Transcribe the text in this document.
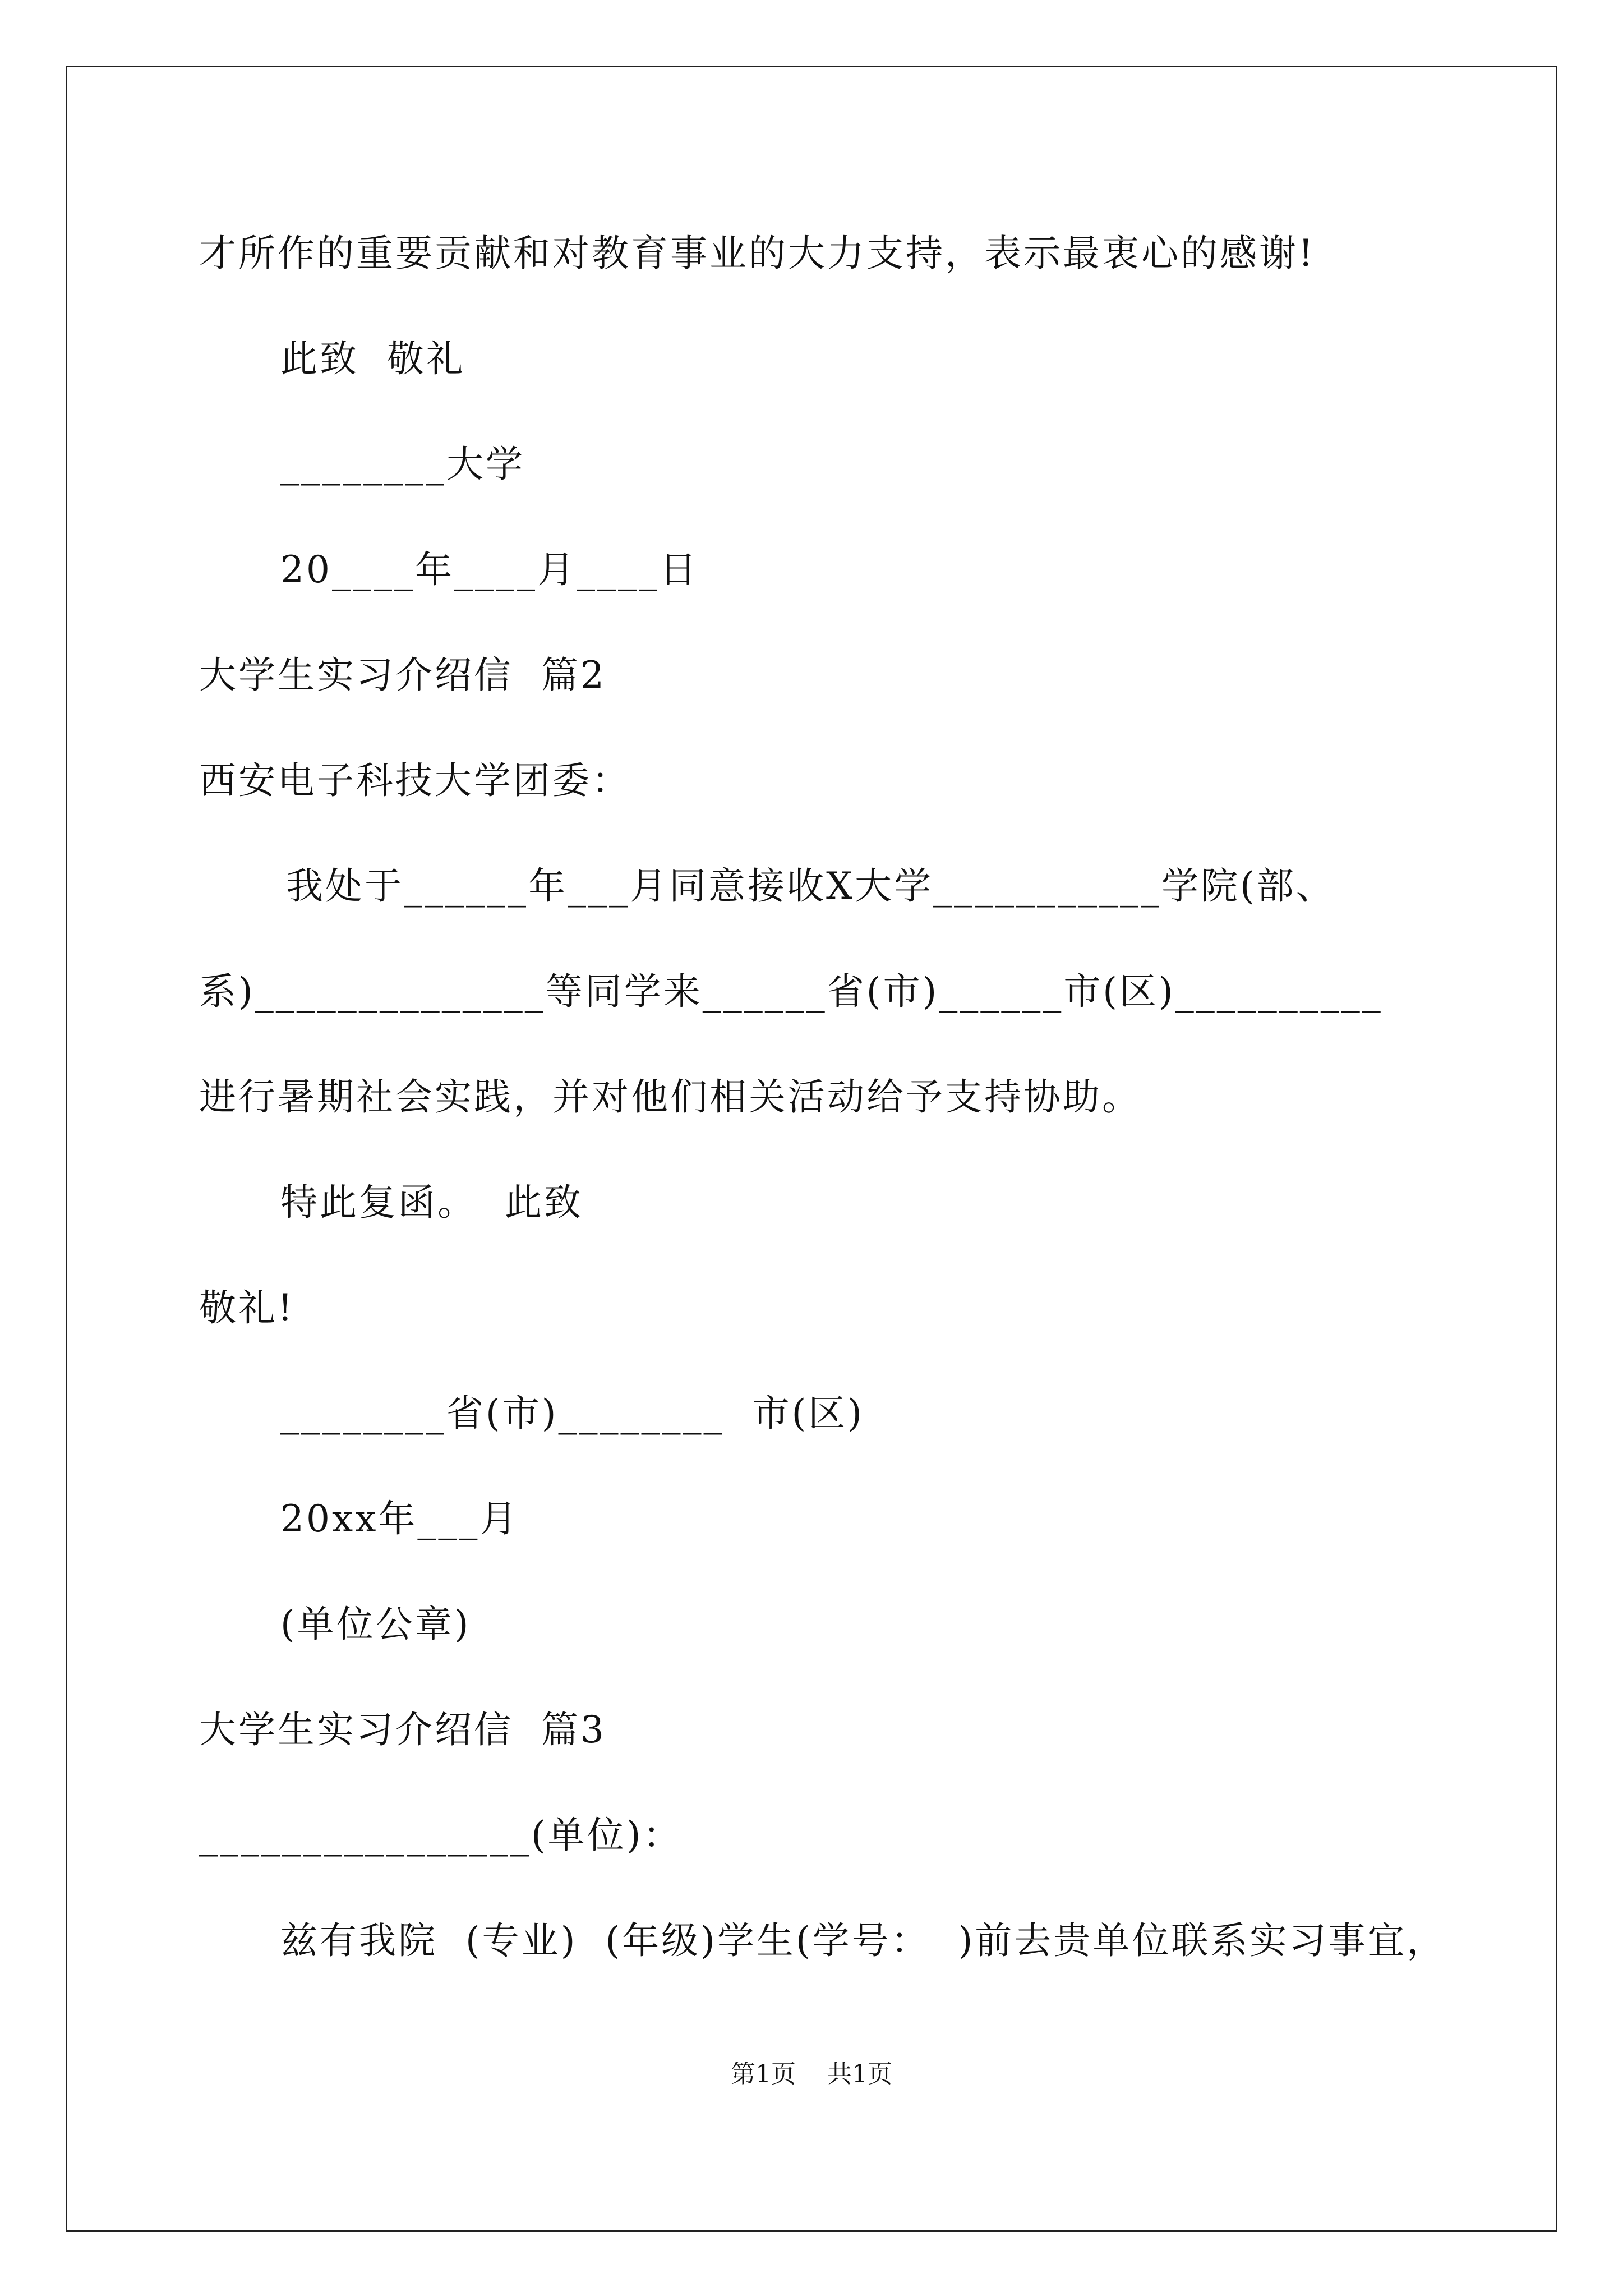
才所作的重要贡献和对教育事业的大力支持，表示最衷心的感谢!
此致  敬礼
________大学
20____年____月____日
大学生实习介绍信  篇2
西安电子科技大学团委：
我处于______年___月同意接收X大学___________学院(部、
系)______________等同学来______省(市)______市(区)__________
进行暑期社会实践，并对他们相关活动给予支持协助。
特此复函。  此致
敬礼!
________省(市)________  市(区)
20xx年___月
(单位公章)
大学生实习介绍信  篇3
________________(单位)：
兹有我院  (专业)  (年级)学生(学号：  )前去贵单位联系实习事宜，
第1页    共1页
